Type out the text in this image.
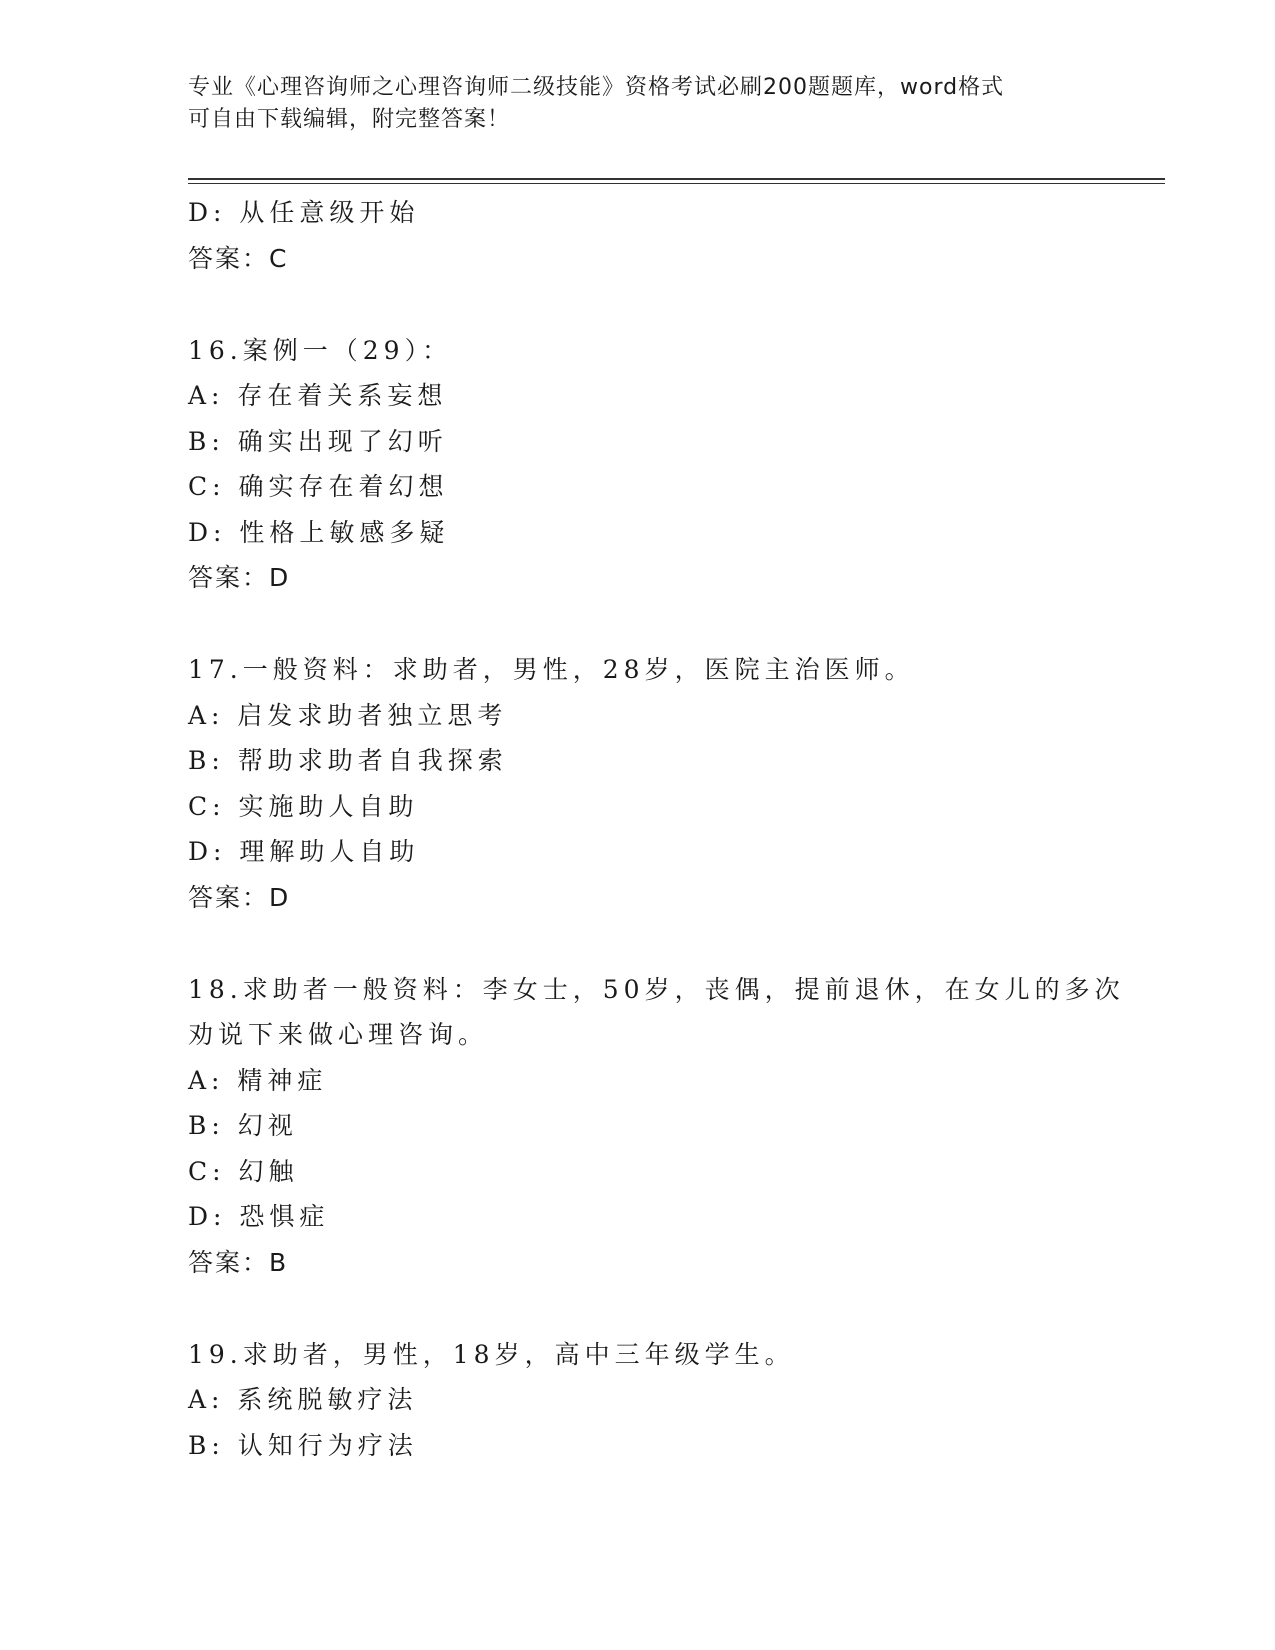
专业《心理咨询师之心理咨询师二级技能》资格考试必刷200题题库，word格式
可自由下载编辑，附完整答案！
D: 从任意级开始
答案：C
16.案例一（29）：
A: 存在着关系妄想
B: 确实出现了幻听
C: 确实存在着幻想
D: 性格上敏感多疑
答案：D
17.一般资料：求助者，男性，28岁，医院主治医师。
A: 启发求助者独立思考
B: 帮助求助者自我探索
C: 实施助人自助
D: 理解助人自助
答案：D
18.求助者一般资料：李女士，50岁，丧偶，提前退休，在女儿的多次
劝说下来做心理咨询。
A: 精神症
B: 幻视
C: 幻触
D: 恐惧症
答案：B
19.求助者，男性，18岁，高中三年级学生。
A: 系统脱敏疗法
B: 认知行为疗法
